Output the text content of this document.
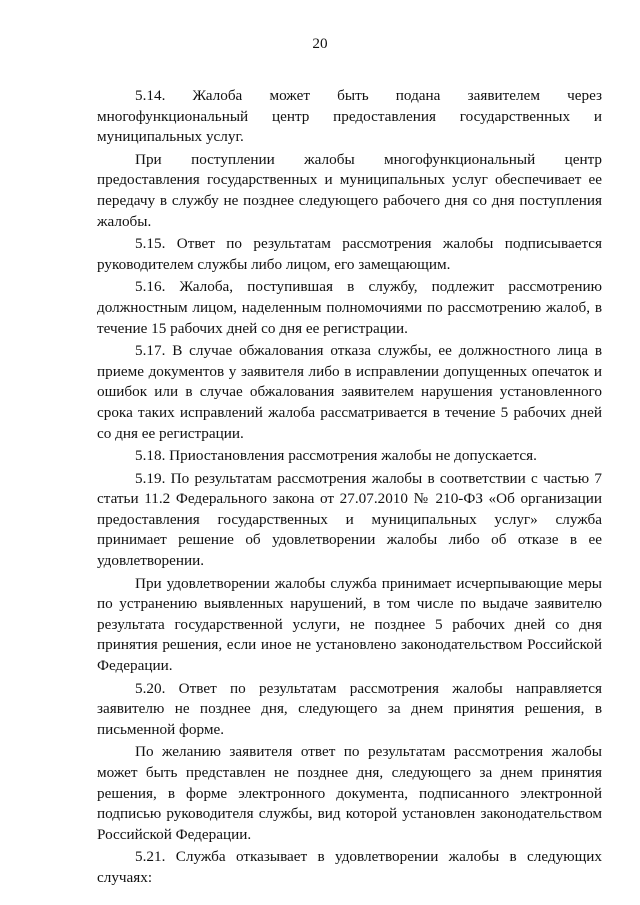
20

5.14. Жалоба может быть подана заявителем через многофункциональный центр предоставления государственных и муниципальных услуг.

При поступлении жалобы многофункциональный центр предоставления государственных и муниципальных услуг обеспечивает ее передачу в службу не позднее следующего рабочего дня со дня поступления жалобы.

5.15. Ответ по результатам рассмотрения жалобы подписывается руководителем службы либо лицом, его замещающим.

5.16. Жалоба, поступившая в службу, подлежит рассмотрению должностным лицом, наделенным полномочиями по рассмотрению жалоб, в течение 15 рабочих дней со дня ее регистрации.

5.17. В случае обжалования отказа службы, ее должностного лица в приеме документов у заявителя либо в исправлении допущенных опечаток и ошибок или в случае обжалования заявителем нарушения установленного срока таких исправлений жалоба рассматривается в течение 5 рабочих дней со дня ее регистрации.

5.18. Приостановления рассмотрения жалобы не допускается.

5.19. По результатам рассмотрения жалобы в соответствии с частью 7 статьи 11.2 Федерального закона от 27.07.2010 № 210-ФЗ «Об организации предоставления государственных и муниципальных услуг» служба принимает решение об удовлетворении жалобы либо об отказе в ее удовлетворении.

При удовлетворении жалобы служба принимает исчерпывающие меры по устранению выявленных нарушений, в том числе по выдаче заявителю результата государственной услуги, не позднее 5 рабочих дней со дня принятия решения, если иное не установлено законодательством Российской Федерации.

5.20. Ответ по результатам рассмотрения жалобы направляется заявителю не позднее дня, следующего за днем принятия решения, в письменной форме.

По желанию заявителя ответ по результатам рассмотрения жалобы может быть представлен не позднее дня, следующего за днем принятия решения, в форме электронного документа, подписанного электронной подписью руководителя службы, вид которой установлен законодательством Российской Федерации.

5.21. Служба отказывает в удовлетворении жалобы в следующих случаях:
